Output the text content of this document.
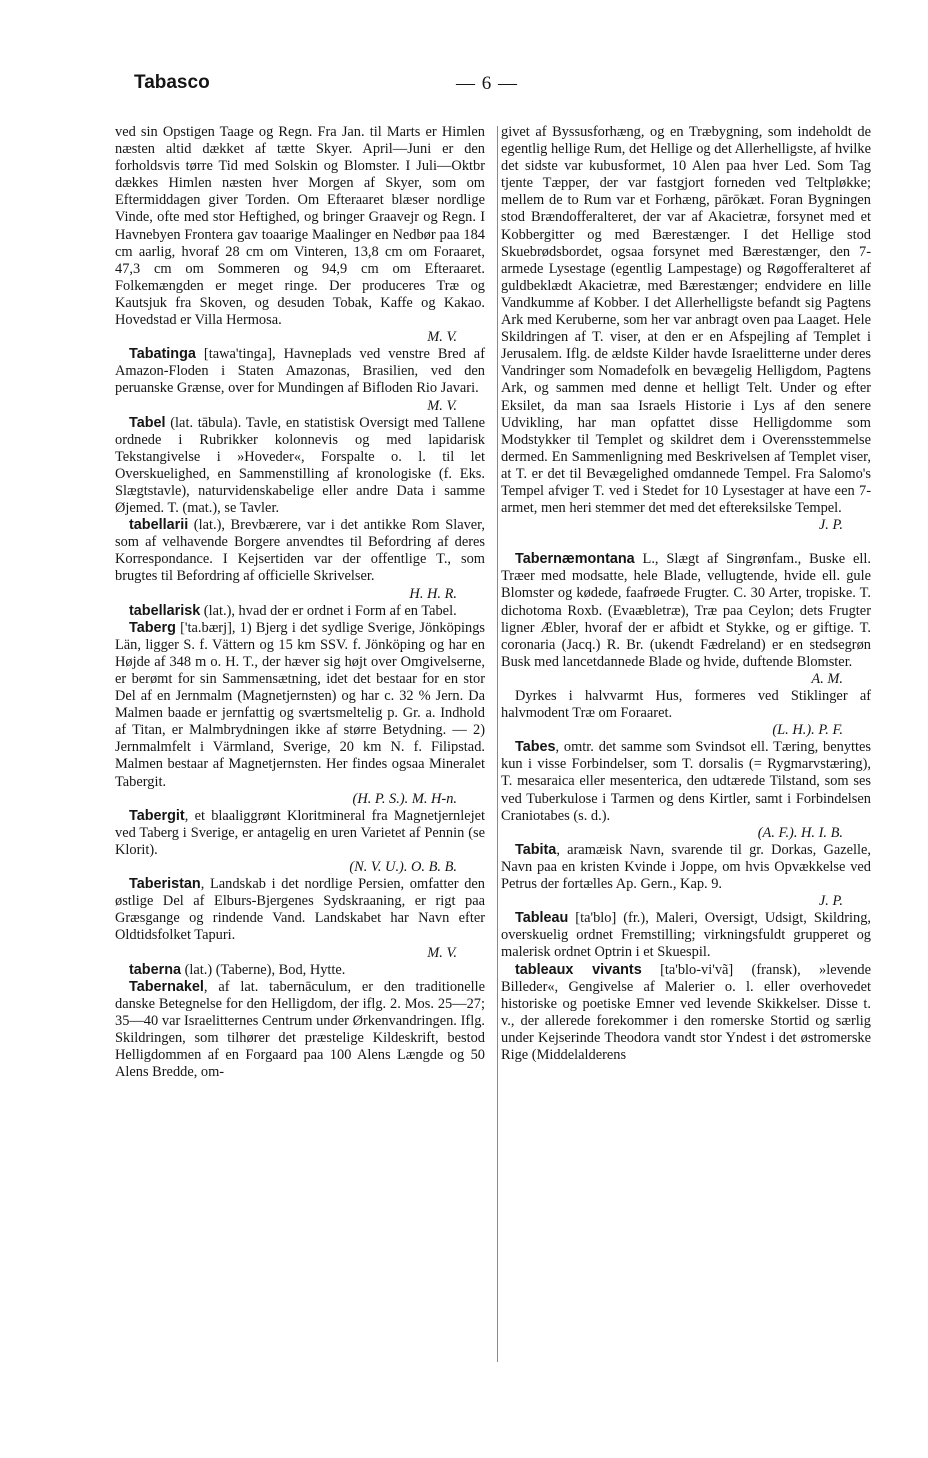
Tabasco	— 6 —

ved sin Opstigen Taage og Regn. Fra Jan. til Marts er Himlen næsten altid dækket af tætte Skyer. April—Juni er den forholdsvis tørre Tid med Solskin og Blomster. I Juli—Oktbr dækkes Himlen næsten hver Morgen af Skyer, som om Eftermiddagen giver Torden. Om Efteraaret blæser nordlige Vinde, ofte med stor Heftighed, og bringer Graavejr og Regn. I Havnebyen Frontera gav toaarige Maalinger en Nedbør paa 184 cm aarlig, hvoraf 28 cm om Vinteren, 13,8 cm om Foraaret, 47,3 cm om Sommeren og 94,9 cm om Efteraaret. Folkemængden er meget ringe. Der produceres Træ og Kautsjuk fra Skoven, og desuden Tobak, Kaffe og Kakao. Hovedstad er Villa Hermosa.

M. V.

Tabatinga [tawa'tinga], Havneplads ved venstre Bred af Amazon-Floden i Staten Amazonas, Brasilien, ved den peruanske Grænse, over for Mundingen af Bifloden Rio Javari.

M. V.

Tabel (lat. tābula). Tavle, en statistisk Oversigt med Tallene ordnede i Rubrikker kolonnevis og med lapidarisk Tekstangivelse i »Hoveder«, Forspalte o. l. til let Overskuelighed, en Sammenstilling af kronologiske (f. Eks. Slægtstavle), naturvidenskabelige eller andre Data i samme Øjemed. T. (mat.), se Tavler.

tabellarii (lat.), Brevbærere, var i det antikke Rom Slaver, som af velhavende Borgere anvendtes til Befordring af deres Korrespondance. I Kejsertiden var der offentlige T., som brugtes til Befordring af officielle Skrivelser.

H. H. R.

tabellarisk (lat.), hvad der er ordnet i Form af en Tabel.

Taberg ['ta.bærj], 1) Bjerg i det sydlige Sverige, Jönköpings Län, ligger S. f. Vättern og 15 km SSV. f. Jönköping og har en Højde af 348 m o. H. T., der hæver sig højt over Omgivelserne, er berømt for sin Sammensætning, idet det bestaar for en stor Del af en Jernmalm (Magnetjernsten) og har c. 32 % Jern. Da Malmen baade er jernfattig og sværtsmeltelig p. Gr. a. Indhold af Titan, er Malmbrydningen ikke af større Betydning. — 2) Jernmalmfelt i Värmland, Sverige, 20 km N. f. Filipstad. Malmen bestaar af Magnetjernsten. Her findes ogsaa Mineralet Tabergit.

(H. P. S.). M. H-n.

Tabergit, et blaaliggrønt Kloritmineral fra Magnetjernlejet ved Taberg i Sverige, er antagelig en uren Varietet af Pennin (se Klorit).

(N. V. U.). O. B. B.

Taberistan, Landskab i det nordlige Persien, omfatter den østlige Del af Elburs-Bjergenes Sydskraaning, er rigt paa Græsgange og rindende Vand. Landskabet har Navn efter Oldtidsfolket Tapuri.

M. V.

taberna (lat.) (Taberne), Bod, Hytte.

Tabernakel, af lat. tabernāculum, er den traditionelle danske Betegnelse for den Helligdom, der iflg. 2. Mos. 25—27; 35—40 var Israelitternes Centrum under Ørkenvandringen. Iflg. Skildringen, som tilhører det præstelige Kildeskrift, bestod Helligdommen af en Forgaard paa 100 Alens Længde og 50 Alens Bredde, om-

givet af Byssusforhæng, og en Træbygning, som indeholdt de egentlig hellige Rum, det Hellige og det Allerhelligste, af hvilke det sidste var kubusformet, 10 Alen paa hver Led. Som Tag tjente Tæpper, der var fastgjort forneden ved Teltpløkke; mellem de to Rum var et Forhæng, pārōkæt. Foran Bygningen stod Brændofferalteret, der var af Akacietræ, forsynet med et Kobbergitter og med Bærestænger. I det Hellige stod Skuebrødsbordet, ogsaa forsynet med Bærestænger, den 7-armede Lysestage (egentlig Lampestage) og Røgofferalteret af guldbeklædt Akacietræ, med Bærestænger; endvidere en lille Vandkumme af Kobber. I det Allerhelligste befandt sig Pagtens Ark med Keruberne, som her var anbragt oven paa Laaget. Hele Skildringen af T. viser, at den er en Afspejling af Templet i Jerusalem. Iflg. de ældste Kilder havde Israelitterne under deres Vandringer som Nomadefolk en bevægelig Helligdom, Pagtens Ark, og sammen med denne et helligt Telt. Under og efter Eksilet, da man saa Israels Historie i Lys af den senere Udvikling, har man opfattet disse Helligdomme som Modstykker til Templet og skildret dem i Overensstemmelse dermed. En Sammenligning med Beskrivelsen af Templet viser, at T. er det til Bevægelighed omdannede Tempel. Fra Salomo's Tempel afviger T. ved i Stedet for 10 Lysestager at have een 7-armet, men heri stemmer det med det eftereksilske Tempel.

J. P.

Tabernæmontana L., Slægt af Singrønfam., Buske ell. Træer med modsatte, hele Blade, vellugtende, hvide ell. gule Blomster og kødede, faafrøede Frugter. C. 30 Arter, tropiske. T. dichotoma Roxb. (Evaæbletræ), Træ paa Ceylon; dets Frugter ligner Æbler, hvoraf der er afbidt et Stykke, og er giftige. T. coronaria (Jacq.) R. Br. (ukendt Fædreland) er en stedsegrøn Busk med lancetdannede Blade og hvide, duftende Blomster.

A. M.

Dyrkes i halvvarmt Hus, formeres ved Stiklinger af halvmodent Træ om Foraaret.

(L. H.). P. F.

Tabes, omtr. det samme som Svindsot ell. Tæring, benyttes kun i visse Forbindelser, som T. dorsalis (= Rygmarvstæring), T. mesaraica eller mesenterica, den udtærede Tilstand, som ses ved Tuberkulose i Tarmen og dens Kirtler, samt i Forbindelsen Craniotabes (s. d.).

(A. F.). H. I. B.

Tabita, aramæisk Navn, svarende til gr. Dorkas, Gazelle, Navn paa en kristen Kvinde i Joppe, om hvis Opvækkelse ved Petrus der fortælles Ap. Gern., Kap. 9.

J. P.

Tableau [ta'blo] (fr.), Maleri, Oversigt, Udsigt, Skildring, overskuelig ordnet Fremstilling; virkningsfuldt grupperet og malerisk ordnet Optrin i et Skuespil.

tableaux vivants [ta'blo-vi'vã] (fransk), »levende Billeder«, Gengivelse af Malerier o. l. eller overhovedet historiske og poetiske Emner ved levende Skikkelser. Disse t. v., der allerede forekommer i den romerske Stortid og særlig under Kejserinde Theodora vandt stor Yndest i det østromerske Rige (Middelalderens
